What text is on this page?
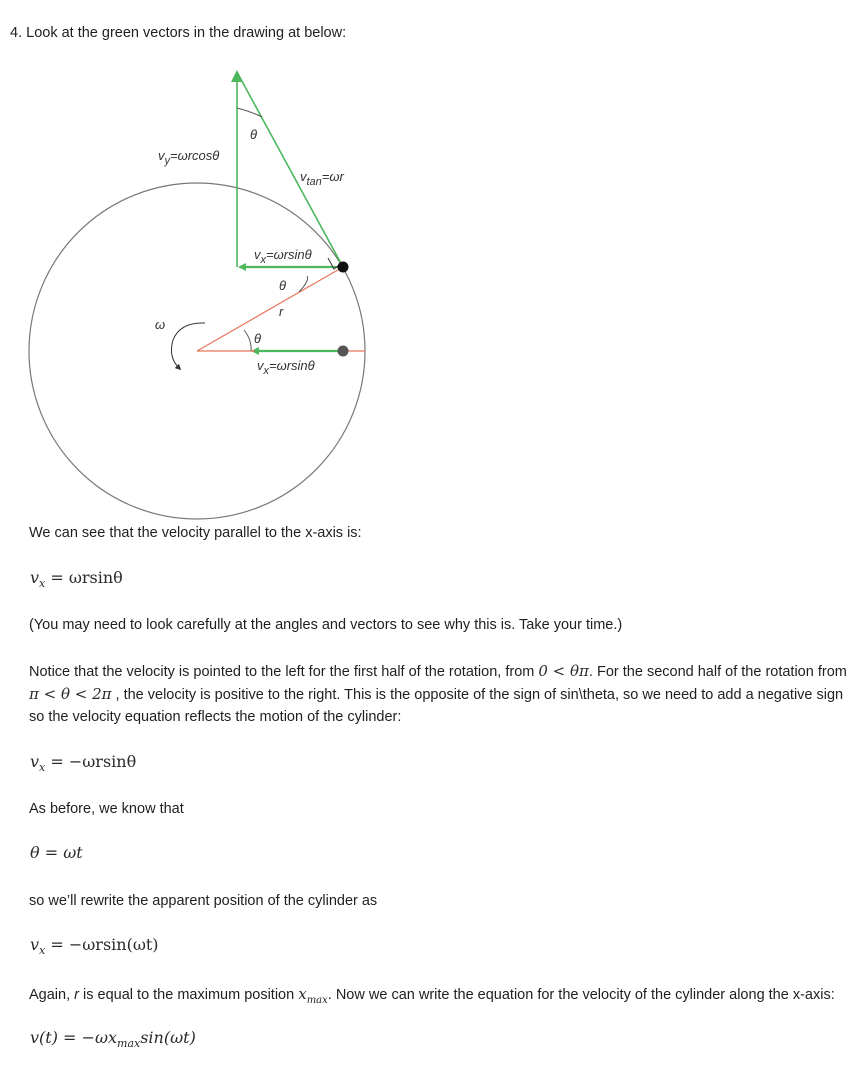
4. Look at the green vectors in the drawing at below:
$v_y=\omega rcos\theta$
θ
$v_{tan}=\omega r$
$v_x=\omega rsin\theta$
θ
r
ω
θ
$v_x=\omega rsin\theta$
We can see that the velocity parallel to the x-axis is:
$v_x = \omega rsin\theta$
(You may need to look carefully at the angles and vectors to see why this is. Take your time.)
Notice that the velocity is pointed to the left for the first half of the rotation, from 0 < θπ. For the second half of the rotation from π < θ < 2π , the velocity is positive to the right. This is the opposite of the sign of sin\theta, so we need to add a negative sign so the velocity equation reflects the motion of the cylinder:
$v_x = -\omega rsin\theta$
As before, we know that
θ = ωt
so we’ll rewrite the apparent position of the cylinder as
$v_x = -\omega rsin(\omega t)$
Again, r is equal to the maximum position $x_{max}$. Now we can write the equation for the velocity of the cylinder along the x-axis:
$v(t) = -\omega x_{max}\sin(\omega t)$
